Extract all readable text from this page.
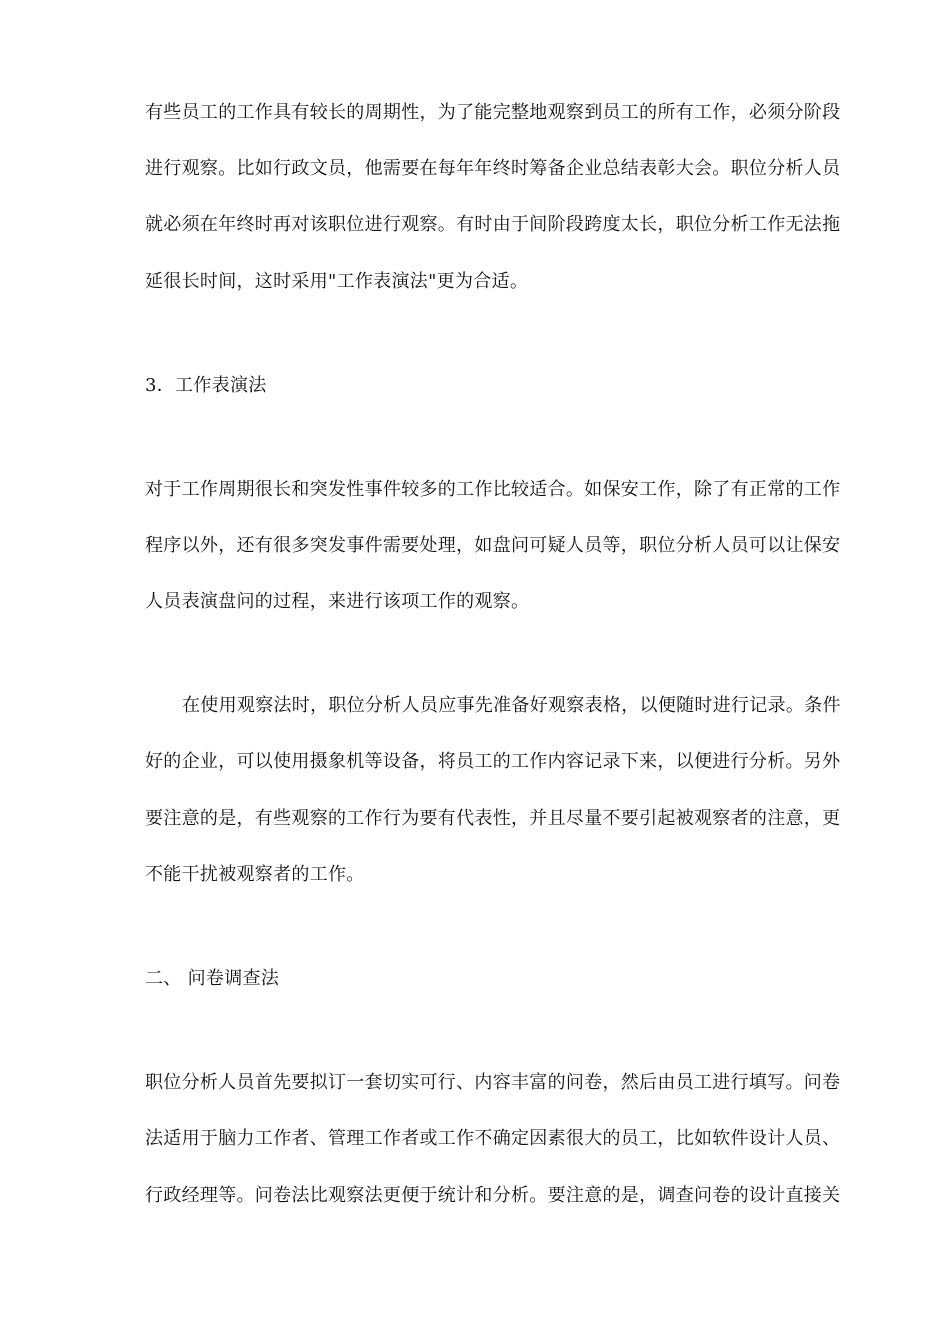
有些员工的工作具有较长的周期性，为了能完整地观察到员工的所有工作，必须分阶段
进行观察。比如行政文员，他需要在每年年终时筹备企业总结表彰大会。职位分析人员
就必须在年终时再对该职位进行观察。有时由于间阶段跨度太长，职位分析工作无法拖
延很长时间，这时采用"工作表演法"更为合适。
3．工作表演法
对于工作周期很长和突发性事件较多的工作比较适合。如保安工作，除了有正常的工作
程序以外，还有很多突发事件需要处理，如盘问可疑人员等，职位分析人员可以让保安
人员表演盘问的过程，来进行该项工作的观察。
在使用观察法时，职位分析人员应事先准备好观察表格，以便随时进行记录。条件
好的企业，可以使用摄象机等设备，将员工的工作内容记录下来，以便进行分析。另外
要注意的是，有些观察的工作行为要有代表性，并且尽量不要引起被观察者的注意，更
不能干扰被观察者的工作。
二、 问卷调查法
职位分析人员首先要拟订一套切实可行、内容丰富的问卷，然后由员工进行填写。问卷
法适用于脑力工作者、管理工作者或工作不确定因素很大的员工，比如软件设计人员、
行政经理等。问卷法比观察法更便于统计和分析。要注意的是，调查问卷的设计直接关
